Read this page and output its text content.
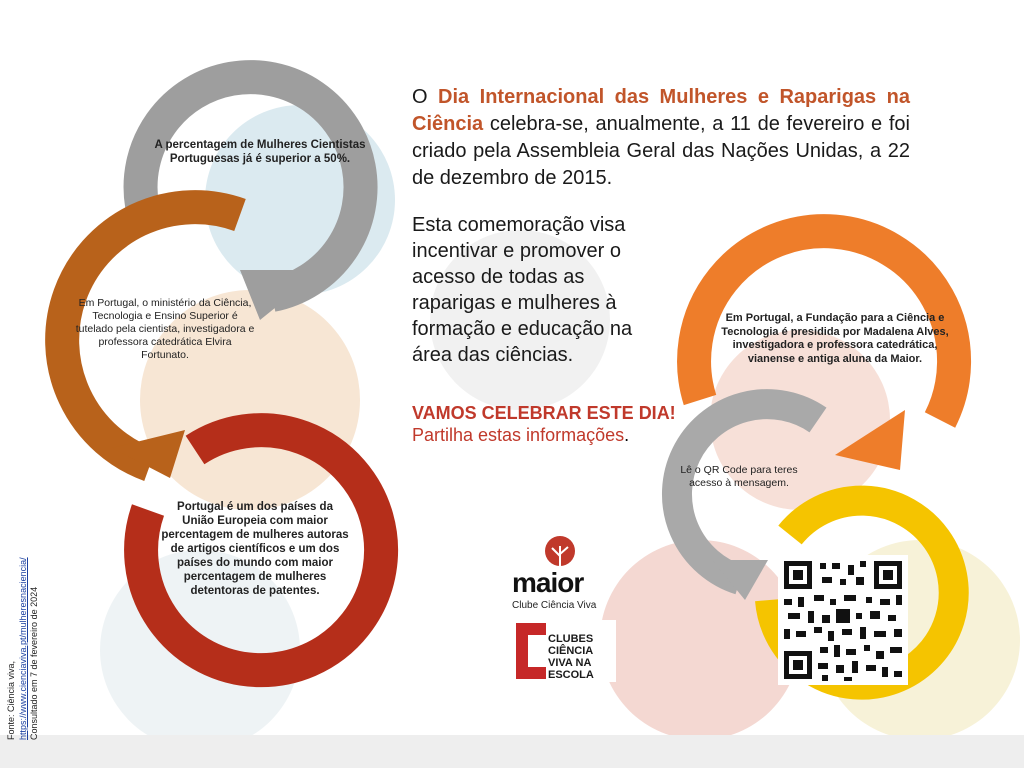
A percentagem de Mulheres Cientistas Portuguesas já é superior a 50%.
Em Portugal, o ministério da Ciência, Tecnologia e Ensino Superior é tutelado pela cientista, investigadora e professora catedrática Elvira Fortunato.
Portugal é um dos países da União Europeia com maior percentagem de mulheres autoras de artigos científicos e um dos países do mundo com maior percentagem de mulheres detentoras de patentes.
Em Portugal, a Fundação para a Ciência e Tecnologia é presidida por Madalena Alves, investigadora e professora catedrática, vianense e antiga aluna da Maior.
Lê o QR Code para teres acesso à mensagem.
O Dia Internacional das Mulheres e Raparigas na Ciência celebra-se, anualmente, a 11 de fevereiro e foi criado pela Assembleia Geral das Nações Unidas, a 22 de dezembro de 2015.
Esta comemoração visa incentivar e promover o acesso de todas as raparigas e mulheres à formação e educação na área das ciências.
VAMOS CELEBRAR ESTE DIA!
Partilha estas informações.
Fonte: Ciência viva, https://www.cienciaviva.pt/mulheresnaciencia/ Consultado em 7 de fevereiro de 2024
maior
Clube Ciência Viva
CLUBES CIÊNCIA VIVA NA ESCOLA
